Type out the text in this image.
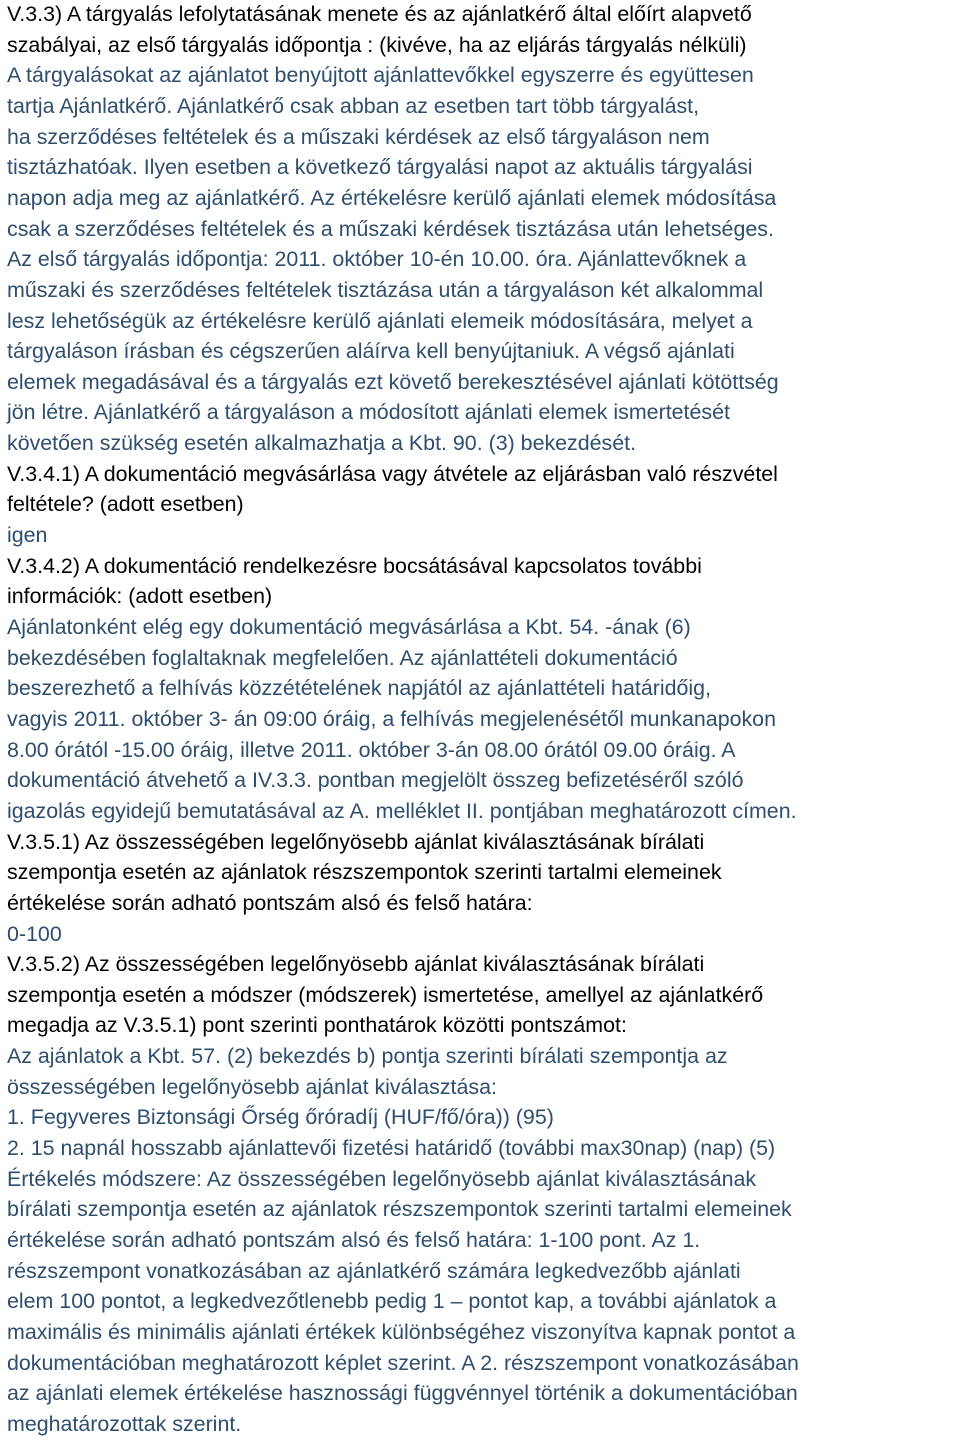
V.3.3) A tárgyalás lefolytatásának menete és az ajánlatkérő által előírt alapvető
szabályai, az első tárgyalás időpontja : (kivéve, ha az eljárás tárgyalás nélküli)
A tárgyalásokat az ajánlatot benyújtott ajánlattevőkkel egyszerre és együttesen
tartja Ajánlatkérő. Ajánlatkérő csak abban az esetben tart több tárgyalást,
ha szerződéses feltételek és a műszaki kérdések az első tárgyaláson nem
tisztázhatóak. Ilyen esetben a következő tárgyalási napot az aktuális tárgyalási
napon adja meg az ajánlatkérő. Az értékelésre kerülő ajánlati elemek módosítása
csak a szerződéses feltételek és a műszaki kérdések tisztázása után lehetséges.
Az első tárgyalás időpontja: 2011. október 10-én 10.00. óra. Ajánlattevőknek a
műszaki és szerződéses feltételek tisztázása után a tárgyaláson két alkalommal
lesz lehetőségük az értékelésre kerülő ajánlati elemeik módosítására, melyet a
tárgyaláson írásban és cégszerűen aláírva kell benyújtaniuk. A végső ajánlati
elemek megadásával és a tárgyalás ezt követő berekesztésével ajánlati kötöttség
jön létre. Ajánlatkérő a tárgyaláson a módosított ajánlati elemek ismertetését
követően szükség esetén alkalmazhatja a Kbt. 90. (3) bekezdését.
V.3.4.1) A dokumentáció megvásárlása vagy átvétele az eljárásban való részvétel
feltétele? (adott esetben)
igen
V.3.4.2) A dokumentáció rendelkezésre bocsátásával kapcsolatos további
információk: (adott esetben)
Ajánlatonként elég egy dokumentáció megvásárlása a Kbt. 54. -ának (6)
bekezdésében foglaltaknak megfelelően. Az ajánlattételi dokumentáció
beszerezhető a felhívás közzétételének napjától az ajánlattételi határidőig,
vagyis 2011. október 3- án 09:00 óráig, a felhívás megjelenésétől munkanapokon
8.00 órától -15.00 óráig, illetve 2011. október 3-án 08.00 órától 09.00 óráig. A
dokumentáció átvehető a IV.3.3. pontban megjelölt összeg befizetéséről szóló
igazolás egyidejű bemutatásával az A. melléklet II. pontjában meghatározott címen.
V.3.5.1) Az összességében legelőnyösebb ajánlat kiválasztásának bírálati
szempontja esetén az ajánlatok részszempontok szerinti tartalmi elemeinek
értékelése során adható pontszám alsó és felső határa:
0-100
V.3.5.2) Az összességében legelőnyösebb ajánlat kiválasztásának bírálati
szempontja esetén a módszer (módszerek) ismertetése, amellyel az ajánlatkérő
megadja az V.3.5.1) pont szerinti ponthatárok közötti pontszámot:
Az ajánlatok a Kbt. 57. (2) bekezdés b) pontja szerinti bírálati szempontja az
összességében legelőnyösebb ajánlat kiválasztása:
1. Fegyveres Biztonsági Őrség őróradíj (HUF/fő/óra)) (95)
2. 15 napnál hosszabb ajánlattevői fizetési határidő (további max30nap) (nap) (5)
Értékelés módszere: Az összességében legelőnyösebb ajánlat kiválasztásának
bírálati szempontja esetén az ajánlatok részszempontok szerinti tartalmi elemeinek
értékelése során adható pontszám alsó és felső határa: 1-100 pont. Az 1.
részszempont vonatkozásában az ajánlatkérő számára legkedvezőbb ajánlati
elem 100 pontot, a legkedvezőtlenebb pedig 1 – pontot kap, a további ajánlatok a
maximális és minimális ajánlati értékek különbségéhez viszonyítva kapnak pontot a
dokumentációban meghatározott képlet szerint. A 2. részszempont vonatkozásában
az ajánlati elemek értékelése hasznossági függvénnyel történik a dokumentációban
meghatározottak szerint.
